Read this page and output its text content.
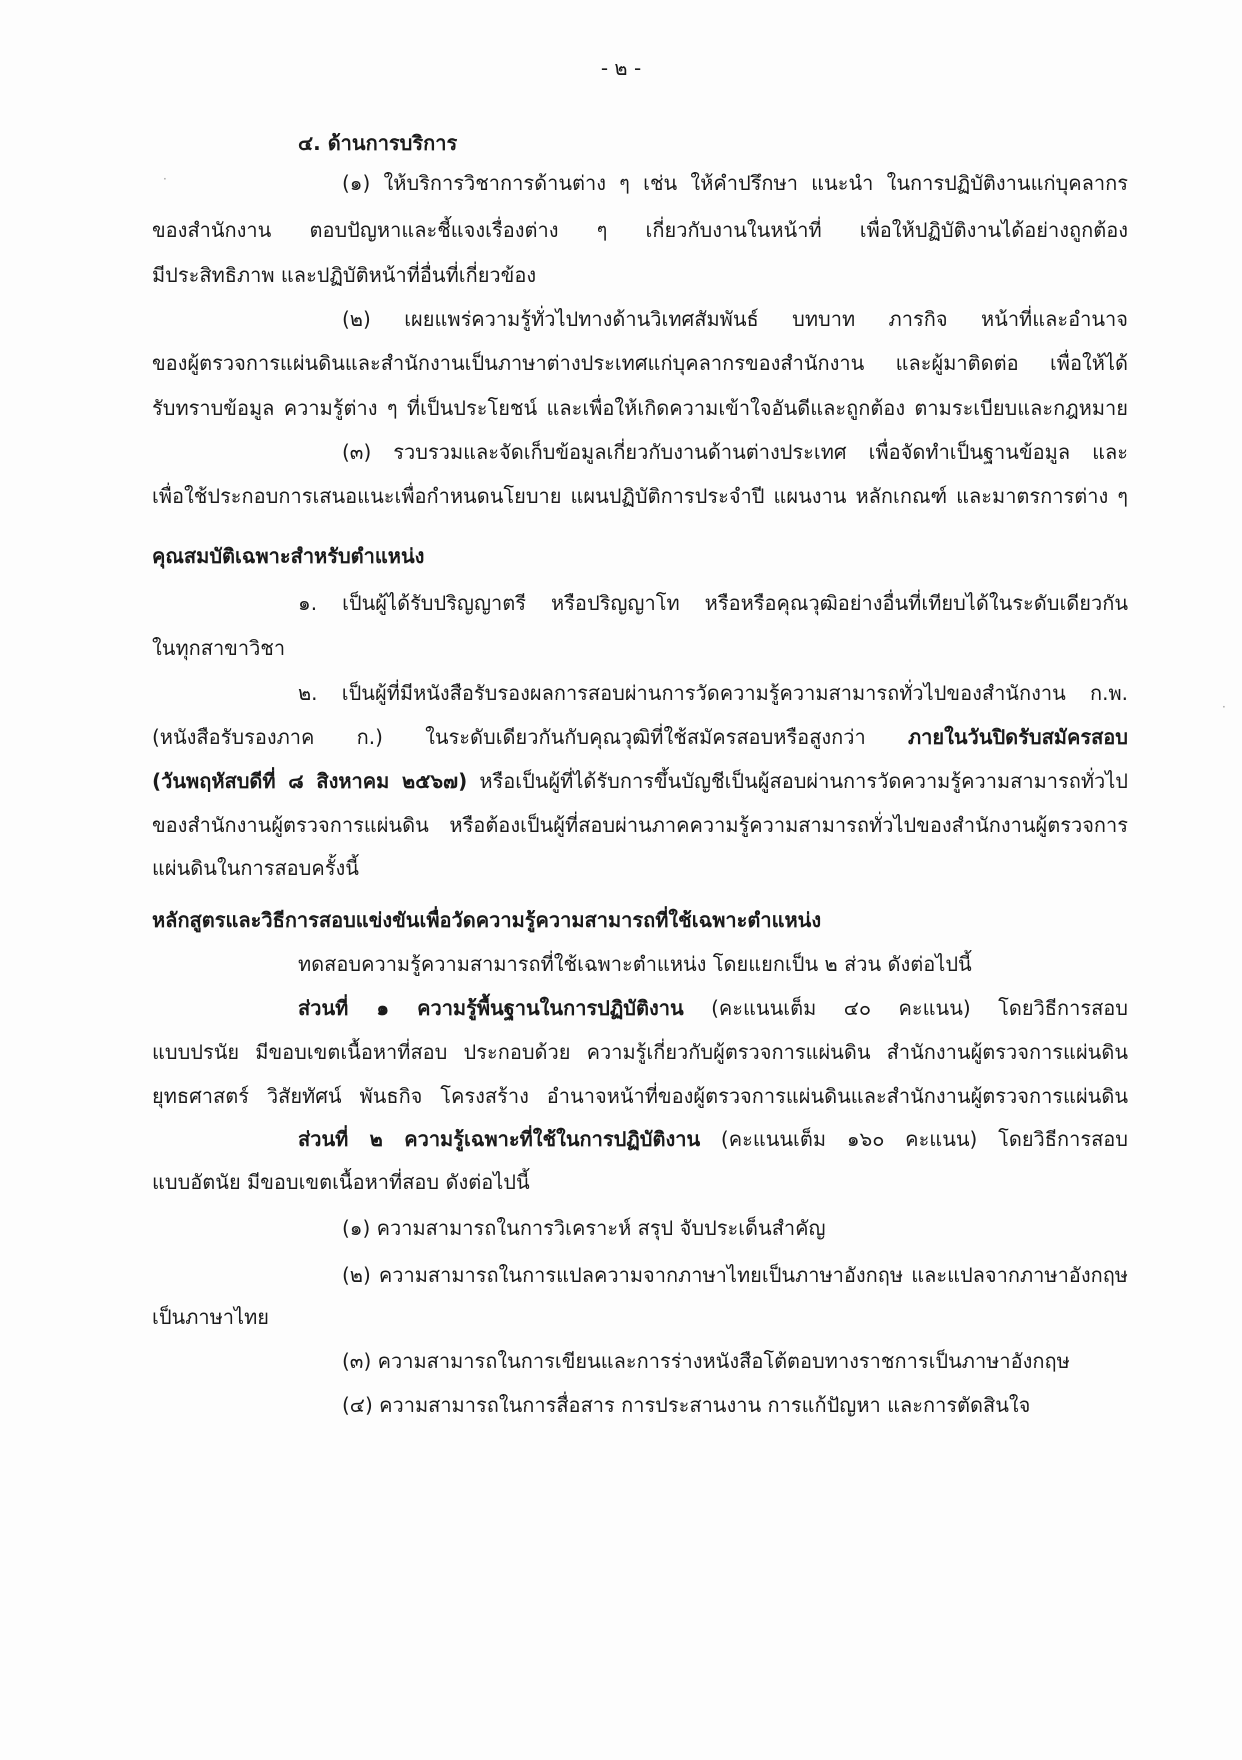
- ๒ -
๔. ด้านการบริการ
(๑) ให้บริการวิชาการด้านต่าง ๆ เช่น ให้คำปรึกษา แนะนำ ในการปฏิบัติงานแก่บุคลากร
ของสำนักงาน ตอบปัญหาและชี้แจงเรื่องต่าง ๆ เกี่ยวกับงานในหน้าที่ เพื่อให้ปฏิบัติงานได้อย่างถูกต้อง
มีประสิทธิภาพ และปฏิบัติหน้าที่อื่นที่เกี่ยวข้อง
(๒) เผยแพร่ความรู้ทั่วไปทางด้านวิเทศสัมพันธ์ บทบาท ภารกิจ หน้าที่และอำนาจ
ของผู้ตรวจการแผ่นดินและสำนักงานเป็นภาษาต่างประเทศแก่บุคลากรของสำนักงาน และผู้มาติดต่อ เพื่อให้ได้
รับทราบข้อมูล ความรู้ต่าง ๆ ที่เป็นประโยชน์ และเพื่อให้เกิดความเข้าใจอันดีและถูกต้อง ตามระเบียบและกฎหมาย
(๓) รวบรวมและจัดเก็บข้อมูลเกี่ยวกับงานด้านต่างประเทศ เพื่อจัดทำเป็นฐานข้อมูล และ
เพื่อใช้ประกอบการเสนอแนะเพื่อกำหนดนโยบาย แผนปฏิบัติการประจำปี แผนงาน หลักเกณฑ์ และมาตรการต่าง ๆ
คุณสมบัติเฉพาะสำหรับตำแหน่ง
๑. เป็นผู้ได้รับปริญญาตรี หรือปริญญาโท หรือหรือคุณวุฒิอย่างอื่นที่เทียบได้ในระดับเดียวกัน
ในทุกสาขาวิชา
๒. เป็นผู้ที่มีหนังสือรับรองผลการสอบผ่านการวัดความรู้ความสามารถทั่วไปของสำนักงาน ก.พ.
(หนังสือรับรองภาค ก.) ในระดับเดียวกันกับคุณวุฒิที่ใช้สมัครสอบหรือสูงกว่า ภายในวันปิดรับสมัครสอบ
(วันพฤหัสบดีที่ ๘ สิงหาคม ๒๕๖๗) หรือเป็นผู้ที่ได้รับการขึ้นบัญชีเป็นผู้สอบผ่านการวัดความรู้ความสามารถทั่วไป
ของสำนักงานผู้ตรวจการแผ่นดิน หรือต้องเป็นผู้ที่สอบผ่านภาคความรู้ความสามารถทั่วไปของสำนักงานผู้ตรวจการ
แผ่นดินในการสอบครั้งนี้
หลักสูตรและวิธีการสอบแข่งขันเพื่อวัดความรู้ความสามารถที่ใช้เฉพาะตำแหน่ง
ทดสอบความรู้ความสามารถที่ใช้เฉพาะตำแหน่ง โดยแยกเป็น ๒ ส่วน ดังต่อไปนี้
ส่วนที่ ๑ ความรู้พื้นฐานในการปฏิบัติงาน (คะแนนเต็ม ๔๐ คะแนน) โดยวิธีการสอบ
แบบปรนัย มีขอบเขตเนื้อหาที่สอบ ประกอบด้วย ความรู้เกี่ยวกับผู้ตรวจการแผ่นดิน สำนักงานผู้ตรวจการแผ่นดิน
ยุทธศาสตร์ วิสัยทัศน์ พันธกิจ โครงสร้าง อำนาจหน้าที่ของผู้ตรวจการแผ่นดินและสำนักงานผู้ตรวจการแผ่นดิน
ส่วนที่ ๒ ความรู้เฉพาะที่ใช้ในการปฏิบัติงาน (คะแนนเต็ม ๑๖๐ คะแนน) โดยวิธีการสอบ
แบบอัตนัย มีขอบเขตเนื้อหาที่สอบ ดังต่อไปนี้
(๑) ความสามารถในการวิเคราะห์ สรุป จับประเด็นสำคัญ
(๒) ความสามารถในการแปลความจากภาษาไทยเป็นภาษาอังกฤษ และแปลจากภาษาอังกฤษ
เป็นภาษาไทย
(๓) ความสามารถในการเขียนและการร่างหนังสือโต้ตอบทางราชการเป็นภาษาอังกฤษ
(๔) ความสามารถในการสื่อสาร การประสานงาน การแก้ปัญหา และการตัดสินใจ
·
·
